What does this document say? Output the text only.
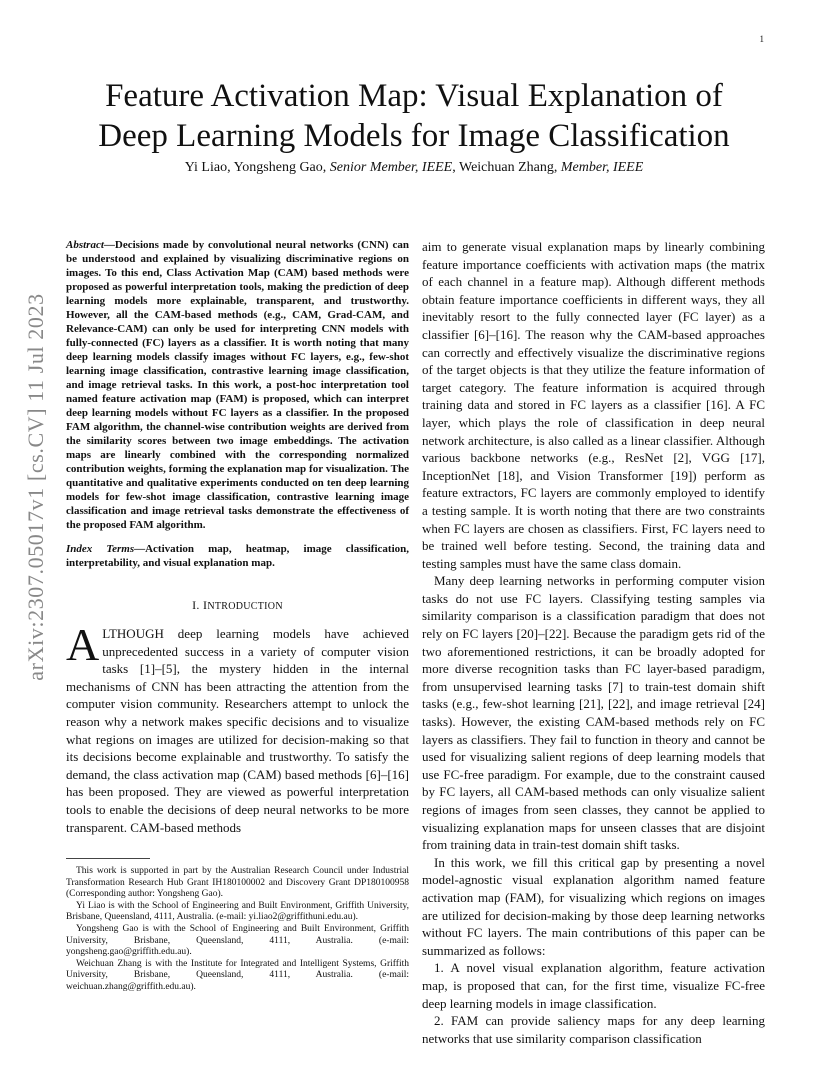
1
arXiv:2307.05017v1 [cs.CV] 11 Jul 2023
Feature Activation Map: Visual Explanation of
Deep Learning Models for Image Classification
Yi Liao, Yongsheng Gao, Senior Member, IEEE, Weichuan Zhang, Member, IEEE

Abstract—Decisions made by convolutional neural networks (CNN) can be understood and explained by visualizing discriminative regions on images. To this end, Class Activation Map (CAM) based methods were proposed as powerful interpretation tools, making the prediction of deep learning models more explainable, transparent, and trustworthy. However, all the CAM-based methods (e.g., CAM, Grad-CAM, and Relevance-CAM) can only be used for interpreting CNN models with fully-connected (FC) layers as a classifier. It is worth noting that many deep learning models classify images without FC layers, e.g., few-shot learning image classification, contrastive learning image classification, and image retrieval tasks. In this work, a post-hoc interpretation tool named feature activation map (FAM) is proposed, which can interpret deep learning models without FC layers as a classifier. In the proposed FAM algorithm, the channel-wise contribution weights are derived from the similarity scores between two image embeddings. The activation maps are linearly combined with the corresponding normalized contribution weights, forming the explanation map for visualization. The quantitative and qualitative experiments conducted on ten deep learning models for few-shot image classification, contrastive learning image classification and image retrieval tasks demonstrate the effectiveness of the proposed FAM algorithm.

Index Terms—Activation map, heatmap, image classification, interpretability, and visual explanation map.

I. INTRODUCTION

ALTHOUGH deep learning models have achieved unprecedented success in a variety of computer vision tasks [1]–[5], the mystery hidden in the internal mechanisms of CNN has been attracting the attention from the computer vision community. Researchers attempt to unlock the reason why a network makes specific decisions and to visualize what regions on images are utilized for decision-making so that its decisions become explainable and trustworthy. To satisfy the demand, the class activation map (CAM) based methods [6]–[16] has been proposed. They are viewed as powerful interpretation tools to enable the decisions of deep neural networks to be more transparent. CAM-based methods

This work is supported in part by the Australian Research Council under Industrial Transformation Research Hub Grant IH180100002 and Discovery Grant DP180100958 (Corresponding author: Yongsheng Gao).

Yi Liao is with the School of Engineering and Built Environment, Griffith University, Brisbane, Queensland, 4111, Australia. (e-mail: yi.liao2@griffithuni.edu.au).

Yongsheng Gao is with the School of Engineering and Built Environment, Griffith University, Brisbane, Queensland, 4111, Australia. (e-mail: yongsheng.gao@griffith.edu.au).

Weichuan Zhang is with the Institute for Integrated and Intelligent Systems, Griffith University, Brisbane, Queensland, 4111, Australia. (e-mail: weichuan.zhang@griffith.edu.au).

aim to generate visual explanation maps by linearly combining feature importance coefficients with activation maps (the matrix of each channel in a feature map). Although different methods obtain feature importance coefficients in different ways, they all inevitably resort to the fully connected layer (FC layer) as a classifier [6]–[16]. The reason why the CAM-based approaches can correctly and effectively visualize the discriminative regions of the target objects is that they utilize the feature information of target category. The feature information is acquired through training data and stored in FC layers as a classifier [16]. A FC layer, which plays the role of classification in deep neural network architecture, is also called as a linear classifier. Although various backbone networks (e.g., ResNet [2], VGG [17], InceptionNet [18], and Vision Transformer [19]) perform as feature extractors, FC layers are commonly employed to identify a testing sample. It is worth noting that there are two constraints when FC layers are chosen as classifiers. First, FC layers need to be trained well before testing. Second, the training data and testing samples must have the same class domain.

Many deep learning networks in performing computer vision tasks do not use FC layers. Classifying testing samples via similarity comparison is a classification paradigm that does not rely on FC layers [20]–[22]. Because the paradigm gets rid of the two aforementioned restrictions, it can be broadly adopted for more diverse recognition tasks than FC layer-based paradigm, from unsupervised learning tasks [7] to train-test domain shift tasks (e.g., few-shot learning [21], [22], and image retrieval [24] tasks). However, the existing CAM-based methods rely on FC layers as classifiers. They fail to function in theory and cannot be used for visualizing salient regions of deep learning models that use FC-free paradigm. For example, due to the constraint caused by FC layers, all CAM-based methods can only visualize salient regions of images from seen classes, they cannot be applied to visualizing explanation maps for unseen classes that are disjoint from training data in train-test domain shift tasks.

In this work, we fill this critical gap by presenting a novel model-agnostic visual explanation algorithm named feature activation map (FAM), for visualizing which regions on images are utilized for decision-making by those deep learning networks without FC layers. The main contributions of this paper can be summarized as follows:

1. A novel visual explanation algorithm, feature activation map, is proposed that can, for the first time, visualize FC-free deep learning models in image classification.

2. FAM can provide saliency maps for any deep learning networks that use similarity comparison classification
